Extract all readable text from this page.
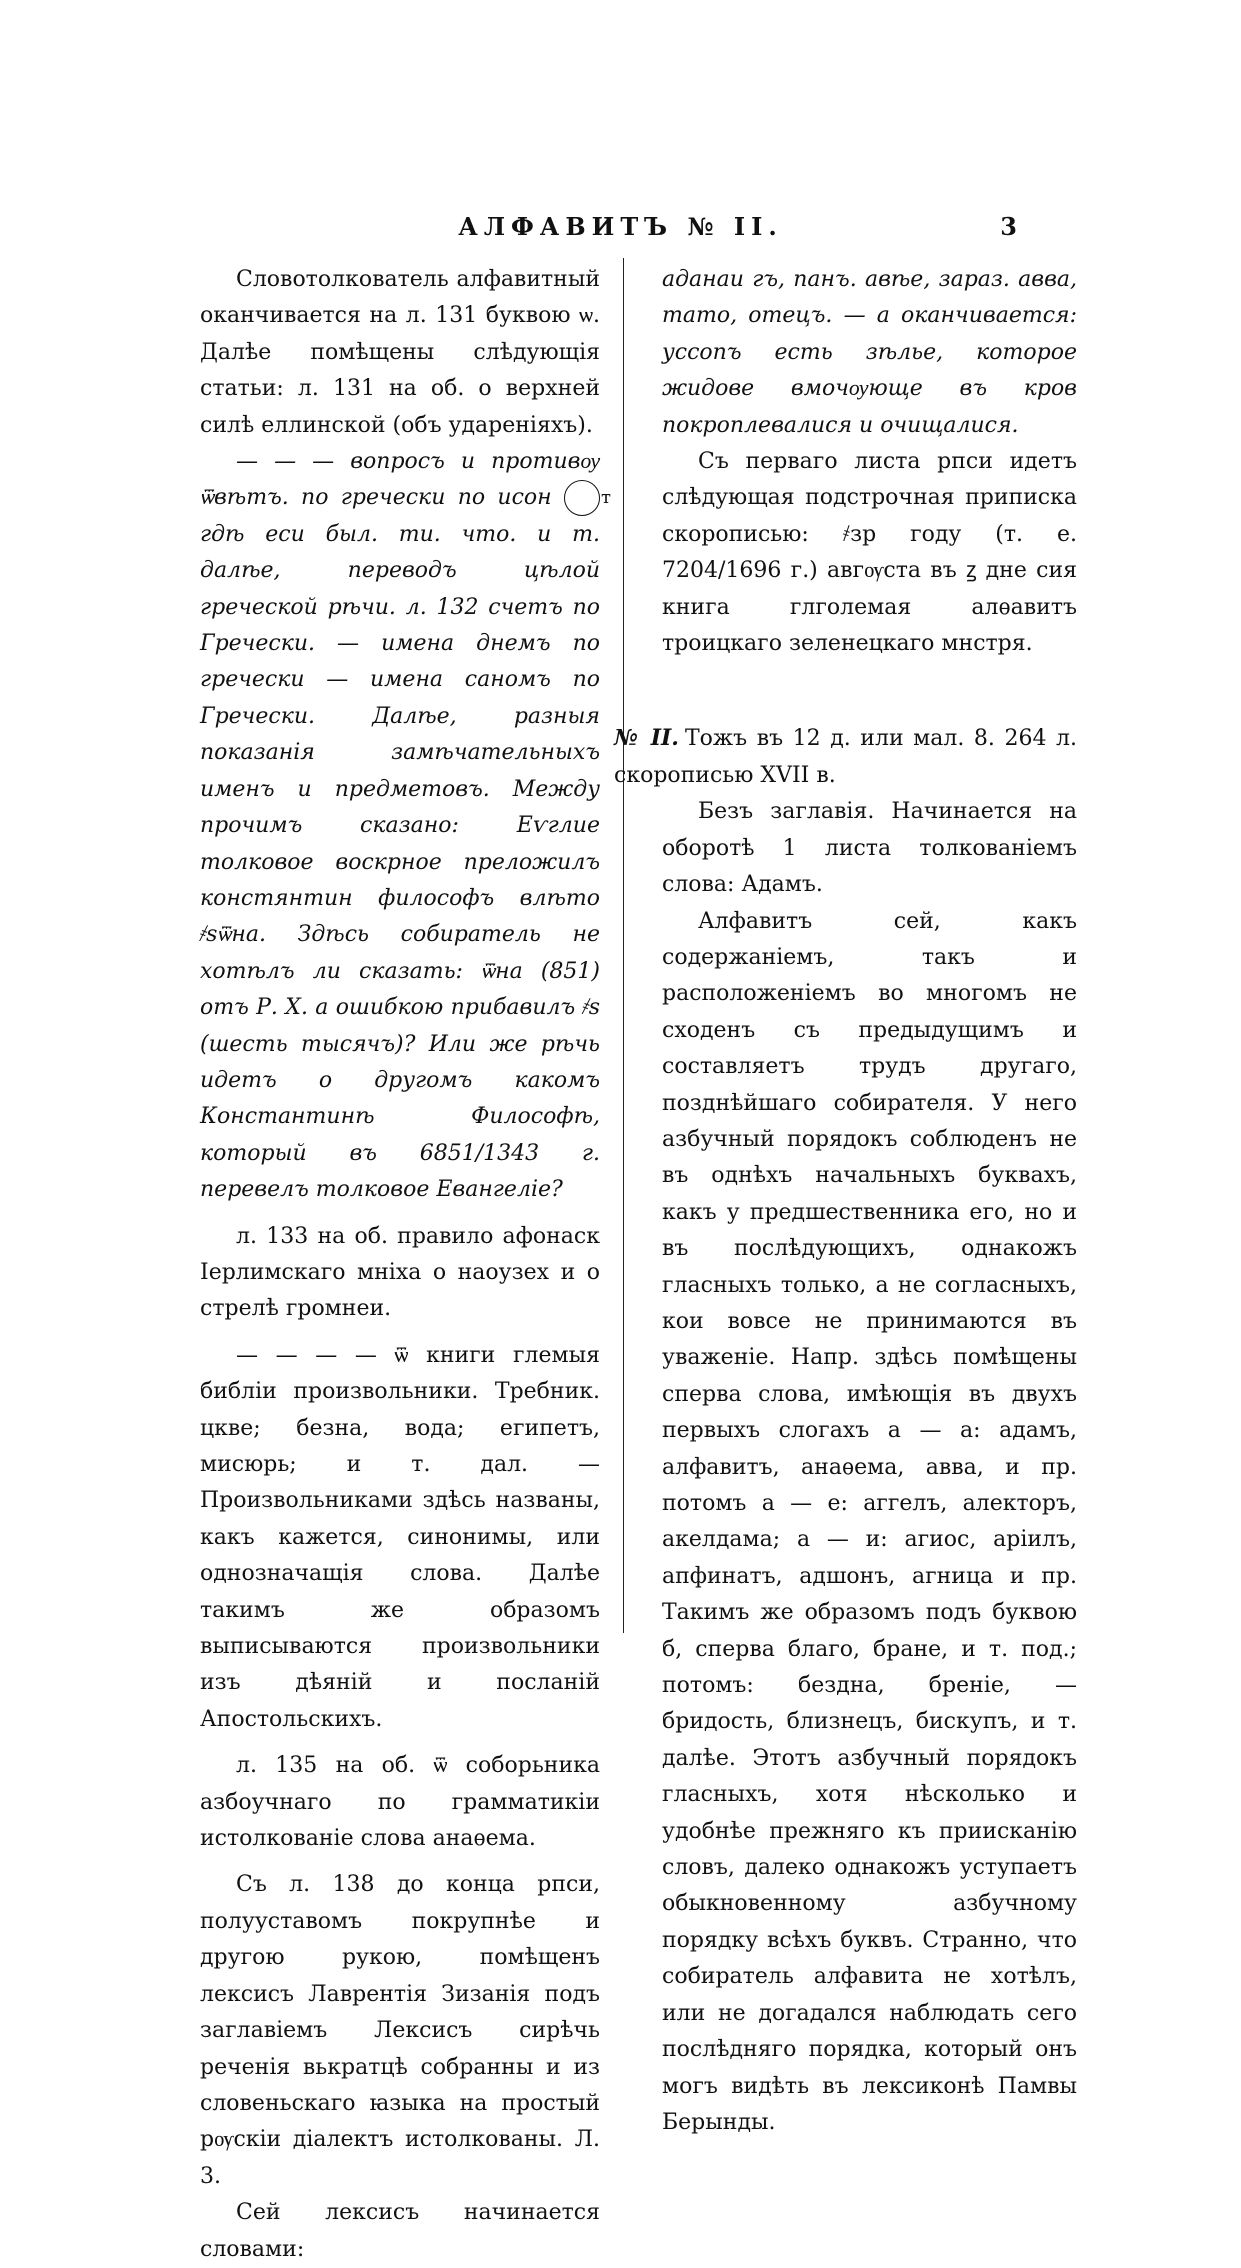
АЛФАВИТЪ № II.	3

Словотолкователь алфавитный оканчивается на л. 131 буквою ѡ. Далѣе помѣщены слѣдующія статьи: л. 131 на об. о верхней силѣ еллинской (объ удареніяхъ).

— — — вопросъ и противѹ ѿвѣтъ. по гречески по исон	т гдѣ еси был. ти. что. и т. далѣе, переводъ цѣлой греческой рѣчи. л. 132 счетъ по Гречески. — имена днемъ по гречески — имена саномъ по Гречески. Далѣе, разныя показанія замѣчательныхъ именъ и предметовъ. Между прочимъ сказано: Еѵглие толковое воскрное преложилъ констянтин философъ влѣто ҂sѿна. Здѣсь собиратель не хотѣлъ ли сказать: ѿна (851) отъ Р. Х. а ошибкою прибавилъ ҂s (шесть тысячъ)? Или же рѣчь идетъ о другомъ какомъ Константинѣ Философѣ, который въ 6851/1343 г. перевелъ толковое Евангеліе?

л. 133 на об. правило афонаск Іерлимскаго мніха о наоузех и о стрелѣ громнеи.

— — — — ѿ книги глемыя библіи произвольники. Требник. цкве; безна, вода; египетъ, мисюрь; и т. дал. — Произвольниками здѣсь названы, какъ кажется, синонимы, или однозначащія слова. Далѣе такимъ же образомъ выписываются произвольники изъ дѣяній и посланій Апостольскихъ.

л. 135 на об. ѿ соборьника азбоучнаго по грамматикіи истолкованіе слова анаѳема.

Съ л. 138 до конца рпси, полууставомъ покрупнѣе и другою рукою, помѣщенъ лексисъ Лаврентія Зизанія подъ заглавіемъ Лексисъ сирѣчь реченія вькратцѣ собранны и из словеньскаго ꙗзыка на простый рѹскіи діалектъ истолкованы. Л. 3.

Сей лексисъ начинается словами:

аданаи гъ, панъ. авѣе, зараз. авва, тато, отецъ. — а оканчивается: уссопъ есть зѣлье, которое жидове вмочѹюще въ кров покроплевалися и очищалися.

Съ перваго листа рпси идетъ слѣдующая подстрочная приписка скорописью: ҂зр году (т. е. 7204/1696 г.) авгѹста въ ꙁ дне сия книга глголемая алѳавитъ троицкаго зеленецкаго мнстря.

№ II. Тожъ въ 12 д. или мал. 8. 264 л. скорописью XVII в.

Безъ заглавія. Начинается на оборотѣ 1 листа толкованіемъ слова: Адамъ.

Алфавитъ сей, какъ содержаніемъ, такъ и расположеніемъ во многомъ не сходенъ съ предыдущимъ и составляетъ трудъ другаго, позднѣйшаго собирателя. У него азбучный порядокъ соблюденъ не въ однѣхъ начальныхъ буквахъ, какъ у предшественника его, но и въ послѣдующихъ, однакожъ гласныхъ только, а не согласныхъ, кои вовсе не принимаются въ уваженіе. Напр. здѣсь помѣщены сперва слова, имѣющія въ двухъ первыхъ слогахъ а — а: адамъ, алфавитъ, анаѳема, авва, и пр. потомъ а — е: аггелъ, алекторъ, акелдама; а — и: агиос, аріилъ, апфинатъ, адшонъ, агница и пр. Такимъ же образомъ подъ буквою б, сперва благо, бране, и т. под.; потомъ: бездна, бреніе, — бридость, близнецъ, бискупъ, и т. далѣе. Этотъ азбучный порядокъ гласныхъ, хотя нѣсколько и удобнѣе прежняго къ приисканію словъ, далеко однакожъ уступаетъ обыкновенному азбучному порядку всѣхъ буквъ. Странно, что собиратель алфавита не хотѣлъ, или не догадался наблюдать сего послѣдняго порядка, который онъ могъ видѣть въ лексиконѣ Памвы Берынды.
